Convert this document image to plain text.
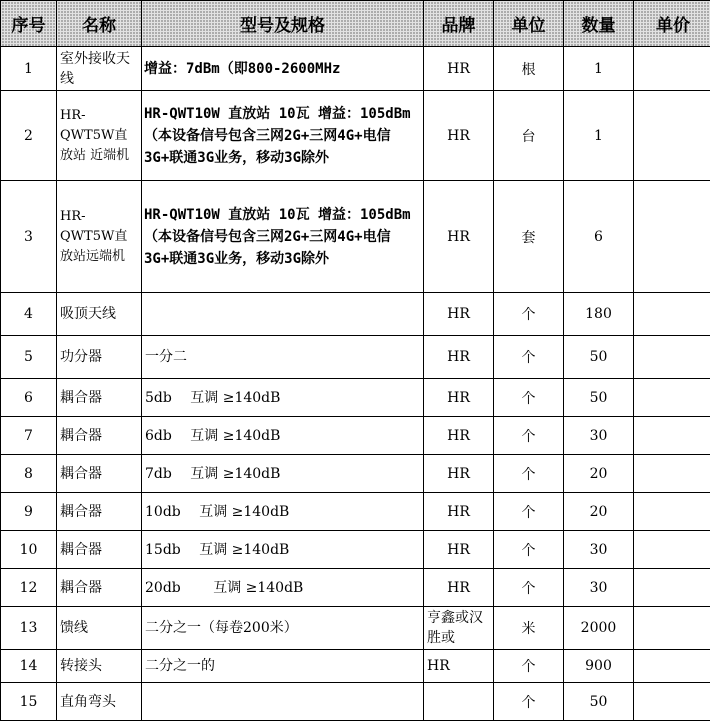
序号	名称	型号及规格	品牌	单位	数量	单价
1	室外接收天线	增益：7dBm（即800-2600MHz	HR	根	1	
2	HR-QWT5W直放站 近端机	HR-QWT10W 直放站 10瓦 增益：105dBm（本设备信号包含三网2G+三网4G+电信3G+联通3G业务，移动3G除外	HR	台	1	
3	HR-QWT5W直放站远端机	HR-QWT10W 直放站 10瓦 增益：105dBm（本设备信号包含三网2G+三网4G+电信3G+联通3G业务，移动3G除外	HR	套	6	
4	吸顶天线		HR	个	180	
5	功分器	一分二	HR	个	50	
6	耦合器	5db　 互调 ≥140dB	HR	个	50	
7	耦合器	6db　 互调 ≥140dB	HR	个	30	
8	耦合器	7db　 互调 ≥140dB	HR	个	20	
9	耦合器	10db　 互调 ≥140dB	HR	个	20	
10	耦合器	15db　 互调 ≥140dB	HR	个	30	
12	耦合器	20db　　 互调 ≥140dB	HR	个	30	
13	馈线	二分之一（每卷200米）	亨鑫或汉胜或	米	2000	
14	转接头	二分之一的	HR	个	900	
15	直角弯头			个	50	
